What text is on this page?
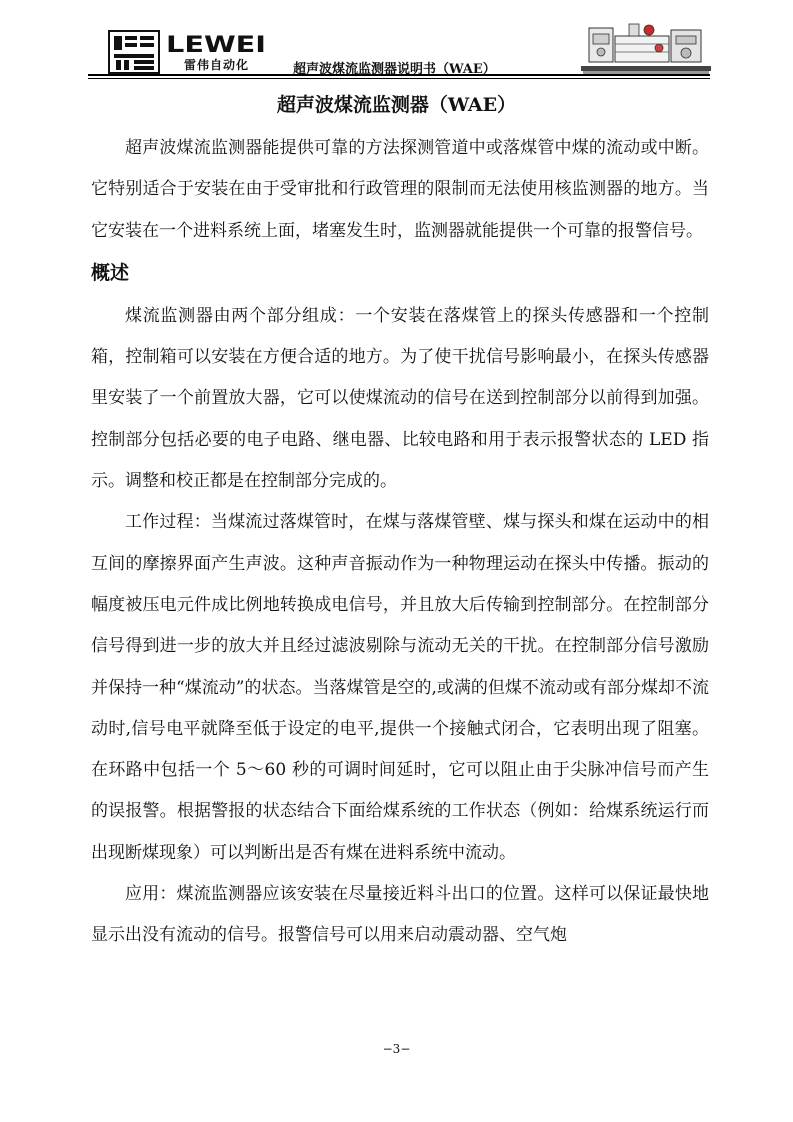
LEWEI
雷伟自动化	超声波煤流监测器说明书（WAE）
超声波煤流监测器（WAE）

超声波煤流监测器能提供可靠的方法探测管道中或落煤管中煤的流动或中断。它特别适合于安装在由于受审批和行政管理的限制而无法使用核监测器的地方。当它安装在一个进料系统上面，堵塞发生时，监测器就能提供一个可靠的报警信号。

概述

煤流监测器由两个部分组成：一个安装在落煤管上的探头传感器和一个控制箱，控制箱可以安装在方便合适的地方。为了使干扰信号影响最小，在探头传感器里安装了一个前置放大器，它可以使煤流动的信号在送到控制部分以前得到加强。控制部分包括必要的电子电路、继电器、比较电路和用于表示报警状态的 LED 指示。调整和校正都是在控制部分完成的。

工作过程：当煤流过落煤管时，在煤与落煤管壁、煤与探头和煤在运动中的相互间的摩擦界面产生声波。这种声音振动作为一种物理运动在探头中传播。振动的幅度被压电元件成比例地转换成电信号，并且放大后传输到控制部分。在控制部分信号得到进一步的放大并且经过滤波剔除与流动无关的干扰。在控制部分信号激励并保持一种“煤流动”的状态。当落煤管是空的,或满的但煤不流动或有部分煤却不流动时,信号电平就降至低于设定的电平,提供一个接触式闭合，它表明出现了阻塞。在环路中包括一个 5～60 秒的可调时间延时，它可以阻止由于尖脉冲信号而产生的误报警。根据警报的状态结合下面给煤系统的工作状态（例如：给煤系统运行而出现断煤现象）可以判断出是否有煤在进料系统中流动。

应用：煤流监测器应该安装在尽量接近料斗出口的位置。这样可以保证最快地显示出没有流动的信号。报警信号可以用来启动震动器、空气炮

−3−
